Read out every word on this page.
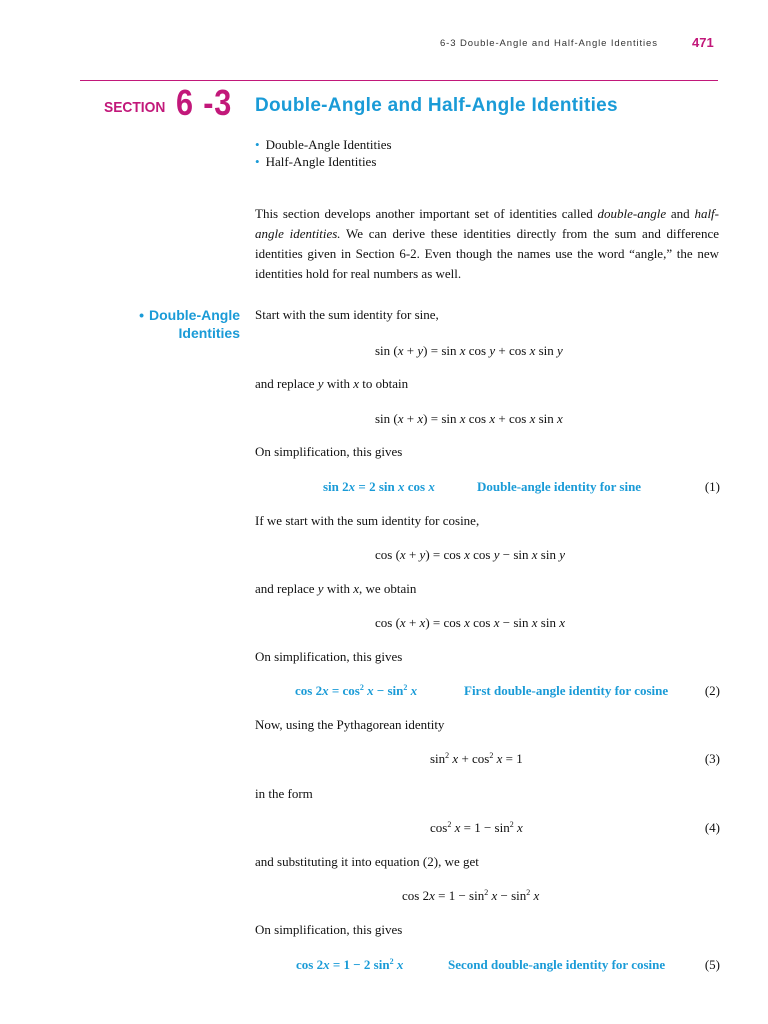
6-3 Double-Angle and Half-Angle Identities	471
SECTION 6 -3 Double-Angle and Half-Angle Identities
• Double-Angle Identities
• Half-Angle Identities
This section develops another important set of identities called double-angle and half-angle identities. We can derive these identities directly from the sum and difference identities given in Section 6-2. Even though the names use the word “angle,” the new identities hold for real numbers as well.
• Double-Angle
Identities
Start with the sum identity for sine,
sin (x + y) = sin x cos y + cos x sin y
and replace y with x to obtain
sin (x + x) = sin x cos x + cos x sin x
On simplification, this gives
sin 2x = 2 sin x cos x	Double-angle identity for sine	(1)
If we start with the sum identity for cosine,
cos (x + y) = cos x cos y − sin x sin y
and replace y with x, we obtain
cos (x + x) = cos x cos x − sin x sin x
On simplification, this gives
$\cos 2x = \cos^2 x - \sin^2 x$	First double-angle identity for cosine	(2)
Now, using the Pythagorean identity
$\sin^2 x + \cos^2 x = 1$	(3)
in the form
$\cos^2 x = 1 - \sin^2 x$	(4)
and substituting it into equation (2), we get
$\cos 2x = 1 - \sin^2 x - \sin^2 x$
On simplification, this gives
cos 2x = 1 − 2 $\sin^2 x$	Second double-angle identity for cosine	(5)
